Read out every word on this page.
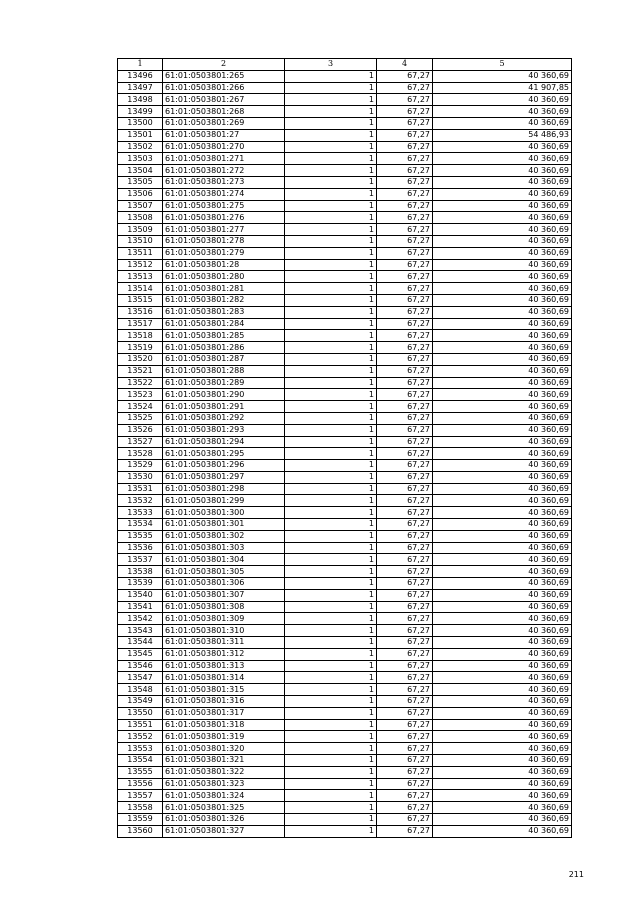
1	2	3	4	5
13496	61:01:0503801:265	1	67,27	40 360,69
13497	61:01:0503801:266	1	67,27	41 907,85
13498	61:01:0503801:267	1	67,27	40 360,69
13499	61:01:0503801:268	1	67,27	40 360,69
13500	61:01:0503801:269	1	67,27	40 360,69
13501	61:01:0503801:27	1	67,27	54 486,93
13502	61:01:0503801:270	1	67,27	40 360,69
13503	61:01:0503801:271	1	67,27	40 360,69
13504	61:01:0503801:272	1	67,27	40 360,69
13505	61:01:0503801:273	1	67,27	40 360,69
13506	61:01:0503801:274	1	67,27	40 360,69
13507	61:01:0503801:275	1	67,27	40 360,69
13508	61:01:0503801:276	1	67,27	40 360,69
13509	61:01:0503801:277	1	67,27	40 360,69
13510	61:01:0503801:278	1	67,27	40 360,69
13511	61:01:0503801:279	1	67,27	40 360,69
13512	61:01:0503801:28	1	67,27	40 360,69
13513	61:01:0503801:280	1	67,27	40 360,69
13514	61:01:0503801:281	1	67,27	40 360,69
13515	61:01:0503801:282	1	67,27	40 360,69
13516	61:01:0503801:283	1	67,27	40 360,69
13517	61:01:0503801:284	1	67,27	40 360,69
13518	61:01:0503801:285	1	67,27	40 360,69
13519	61:01:0503801:286	1	67,27	40 360,69
13520	61:01:0503801:287	1	67,27	40 360,69
13521	61:01:0503801:288	1	67,27	40 360,69
13522	61:01:0503801:289	1	67,27	40 360,69
13523	61:01:0503801:290	1	67,27	40 360,69
13524	61:01:0503801:291	1	67,27	40 360,69
13525	61:01:0503801:292	1	67,27	40 360,69
13526	61:01:0503801:293	1	67,27	40 360,69
13527	61:01:0503801:294	1	67,27	40 360,69
13528	61:01:0503801:295	1	67,27	40 360,69
13529	61:01:0503801:296	1	67,27	40 360,69
13530	61:01:0503801:297	1	67,27	40 360,69
13531	61:01:0503801:298	1	67,27	40 360,69
13532	61:01:0503801:299	1	67,27	40 360,69
13533	61:01:0503801:300	1	67,27	40 360,69
13534	61:01:0503801:301	1	67,27	40 360,69
13535	61:01:0503801:302	1	67,27	40 360,69
13536	61:01:0503801:303	1	67,27	40 360,69
13537	61:01:0503801:304	1	67,27	40 360,69
13538	61:01:0503801:305	1	67,27	40 360,69
13539	61:01:0503801:306	1	67,27	40 360,69
13540	61:01:0503801:307	1	67,27	40 360,69
13541	61:01:0503801:308	1	67,27	40 360,69
13542	61:01:0503801:309	1	67,27	40 360,69
13543	61:01:0503801:310	1	67,27	40 360,69
13544	61:01:0503801:311	1	67,27	40 360,69
13545	61:01:0503801:312	1	67,27	40 360,69
13546	61:01:0503801:313	1	67,27	40 360,69
13547	61:01:0503801:314	1	67,27	40 360,69
13548	61:01:0503801:315	1	67,27	40 360,69
13549	61:01:0503801:316	1	67,27	40 360,69
13550	61:01:0503801:317	1	67,27	40 360,69
13551	61:01:0503801:318	1	67,27	40 360,69
13552	61:01:0503801:319	1	67,27	40 360,69
13553	61:01:0503801:320	1	67,27	40 360,69
13554	61:01:0503801:321	1	67,27	40 360,69
13555	61:01:0503801:322	1	67,27	40 360,69
13556	61:01:0503801:323	1	67,27	40 360,69
13557	61:01:0503801:324	1	67,27	40 360,69
13558	61:01:0503801:325	1	67,27	40 360,69
13559	61:01:0503801:326	1	67,27	40 360,69
13560	61:01:0503801:327	1	67,27	40 360,69
211
